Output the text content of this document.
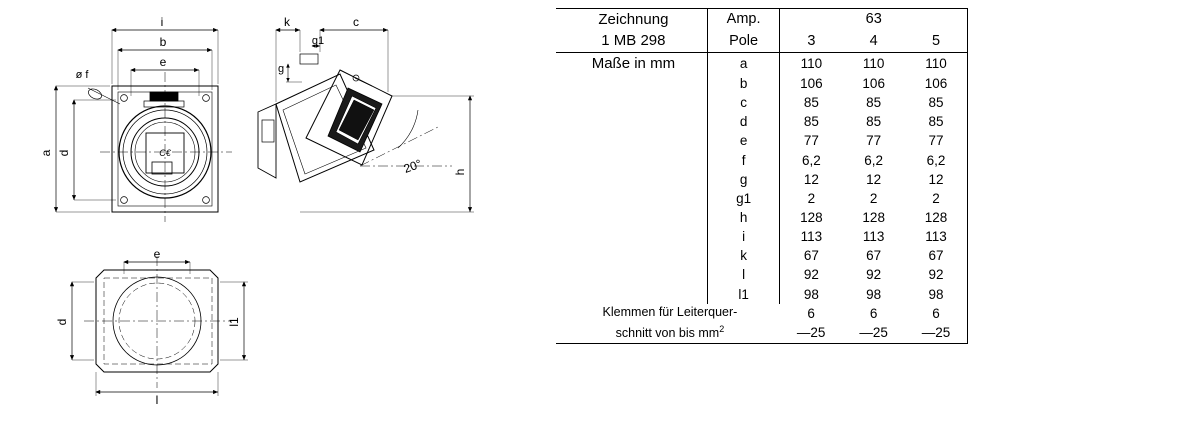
i
b
e
ø f
a d
k	c
g
g1
h
20°
e
d
l
l1
C€
Zeichnung	Amp.	63		
1 MB 298	Pole	3	4	5
Maße in mm	a	110	110	110
	b	106	106	106
	c	85	85	85
	d	85	85	85
	e	77	77	77
	f	6,2	6,2	6,2
	g	12	12	12
	g1	2	2	2
	h	128	128	128
	i	113	113	113
	k	67	67	67
	l	92	92	92
	l1	98	98	98
Klemmen für Leiterquer-		6	6	6
schnitt von bis $mm^2$		—25	—25	—25
